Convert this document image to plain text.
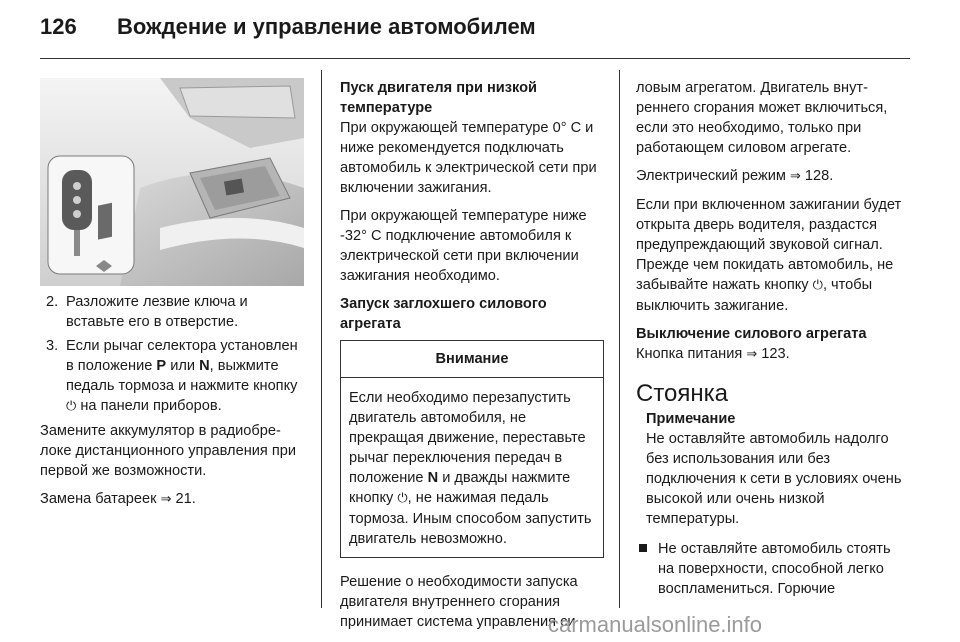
126 Вождение и управление автомобилем
2. Разложите лезвие ключа и вставьте его в отверстие.
3. Если рычаг селектора установлен в положение P или N, выжмите педаль тормоза и нажмите кнопку ⏻ на панели приборов.

Замените аккумулятор в радиобрелоке дистанционного управления при первой же возможности.

Замена батареек ⇒ 21.

Пуск двигателя при низкой температуре

При окружающей температуре 0° C и ниже рекомендуется подключать автомобиль к электрической сети при включении зажигания.

При окружающей температуре ниже -32° C подключение автомобиля к электрической сети при включении зажигания необходимо.

Запуск заглохшего силового агрегата
Внимание
Если необходимо перезапустить двигатель автомобиля, не прекращая движение, переставьте рычаг переключения передач в положение N и дважды нажмите кнопку ⏻, не нажимая педаль тормоза. Иным способом запустить двигатель невозможно.

Решение о необходимости запуска двигателя внутреннего сгорания принимает система управления си

ловым агрегатом. Двигатель внутреннего сгорания может включиться, если это необходимо, только при работающем силовом агрегате.

Электрический режим ⇒ 128.

Если при включенном зажигании будет открыта дверь водителя, раздастся предупреждающий звуковой сигнал. Прежде чем покидать автомобиль, не забывайте нажать кнопку ⏻, чтобы выключить зажигание.

Выключение силового агрегата

Кнопка питания ⇒ 123.

Стоянка
Примечание
Не оставляйте автомобиль надолго без использования или без подключения к сети в условиях очень высокой или очень низкой температуры.
Не оставляйте автомобиль стоять на поверхности, способной легко воспламениться. Горючие
carmanualsonline.info
